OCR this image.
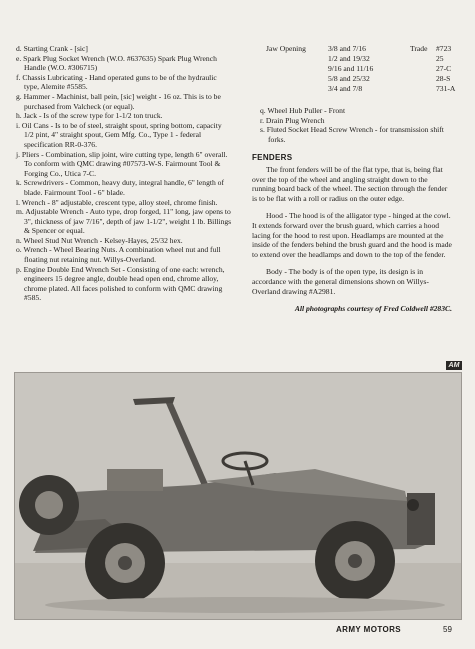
d. Starting Crank - [sic]

e. Spark Plug Socket Wrench (W.O. #637635) Spark Plug Wrench Handle (W.O. #306715)

f. Chassis Lubricating - Hand operated guns to be of the hydraulic type, Alemite #5585.

g. Hammer - Machinist, ball pein, [sic] weight - 16 oz. This is to be purchased from Valcheck (or equal).

h. Jack - Is of the screw type for 1-1/2 ton truck.

i. Oil Cans - Is to be of steel, straight spout, spring bottom, capacity 1/2 pint, 4" straight spout, Gem Mfg. Co., Type 1 - federal specification RR-0-376.

j. Pliers - Combination, slip joint, wire cutting type, length 6" overall. To conform with QMC drawing #07573-W-S. Fairmount Tool & Forging Co., Utica 7-C.

k. Screwdrivers - Common, heavy duty, integral handle, 6" length of blade. Fairmount Tool - 6" blade.

l. Wrench - 8" adjustable, crescent type, alloy steel, chrome finish.

m. Adjustable Wrench - Auto type, drop forged, 11" long, jaw opens to 3", thickness of jaw 7/16", depth of jaw 1-1/2", weight 1 lb. Billings & Spencer or equal.

n. Wheel Stud Nut Wrench - Kelsey-Hayes, 25/32 hex.

o. Wrench - Wheel Bearing Nuts. A combination wheel nut and full floating nut retaining nut. Willys-Overland.

p. Engine Double End Wrench Set - Consisting of one each: wrench, engineers 15 degree angle, double head open end, chrome alloy, chrome plated. All faces polished to conform with QMC drawing #585.

Jaw Opening	3/8 and 7/16	Trade #723
1/2 and 19/32	25
9/16 and 11/16	27-C
5/8 and 25/32	28-S
3/4 and 7/8	731-A

q. Wheel Hub Puller - Front

r. Drain Plug Wrench

s. Fluted Socket Head Screw Wrench - for transmission shift forks.

FENDERS

The front fenders will be of the flat type, that is, being flat over the top of the wheel and angling straight down to the running board back of the wheel. The section through the fender is to be flat with a roll or radius on the outer edge.

Hood - The hood is of the alligator type - hinged at the cowl. It extends forward over the brush guard, which carries a hood lacing for the hood to rest upon. Headlamps are mounted at the inside of the fenders behind the brush guard and the hood is made to extend over the headlamps and down to the top of the fender.

Body - The body is of the open type, its design is in accordance with the general dimensions shown on Willys-Overland drawing #A2981.

All photographs courtesy of Fred Coldwell #283C.

AM
ARMY MOTORS	59
